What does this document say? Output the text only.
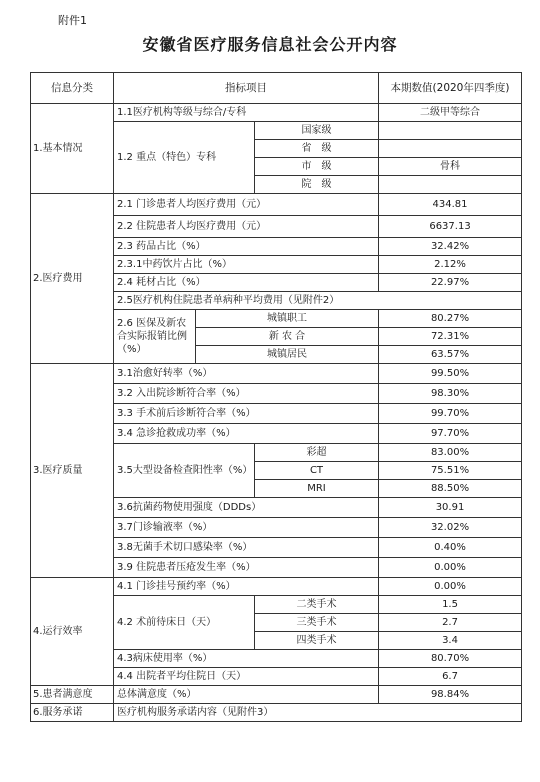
附件1
安徽省医疗服务信息社会公开内容
信息分类	指标项目			本期数值(2020年四季度)
1.基本情况	1.1医疗机构等级与综合/专科			二级甲等综合
	1.2 重点（特色）专科		国家级	
			省　级	
			市　级	骨科
			院　级	
2.医疗费用	2.1 门诊患者人均医疗费用（元）			434.81
	2.2 住院患者人均医疗费用（元）			6637.13
	2.3 药品占比（%）			32.42%
	2.3.1中药饮片占比（%）			2.12%
	2.4 耗材占比（%）			22.97%
	2.5医疗机构住院患者单病种平均费用（见附件2）			
	2.6 医保及新农合实际报销比例（%）	城镇职工		80.27%
		新 农 合		72.31%
		城镇居民		63.57%
3.医疗质量	3.1治愈好转率（%）			99.50%
	3.2 入出院诊断符合率（%）			98.30%
	3.3 手术前后诊断符合率（%）			99.70%
	3.4 急诊抢救成功率（%）			97.70%
	3.5大型设备检查阳性率（%）		彩超	83.00%
			CT	75.51%
			MRI	88.50%
	3.6抗菌药物使用强度（DDDs）			30.91
	3.7门诊输液率（%）			32.02%
	3.8无菌手术切口感染率（%）			0.40%
	3.9 住院患者压疮发生率（%）			0.00%
4.运行效率	4.1 门诊挂号预约率（%）			0.00%
	4.2 术前待床日（天）		二类手术	1.5
			三类手术	2.7
			四类手术	3.4
	4.3病床使用率（%）			80.70%
	4.4 出院者平均住院日（天）			6.7
5.患者满意度	总体满意度（%）			98.84%
6.服务承诺	医疗机构服务承诺内容（见附件3）			
